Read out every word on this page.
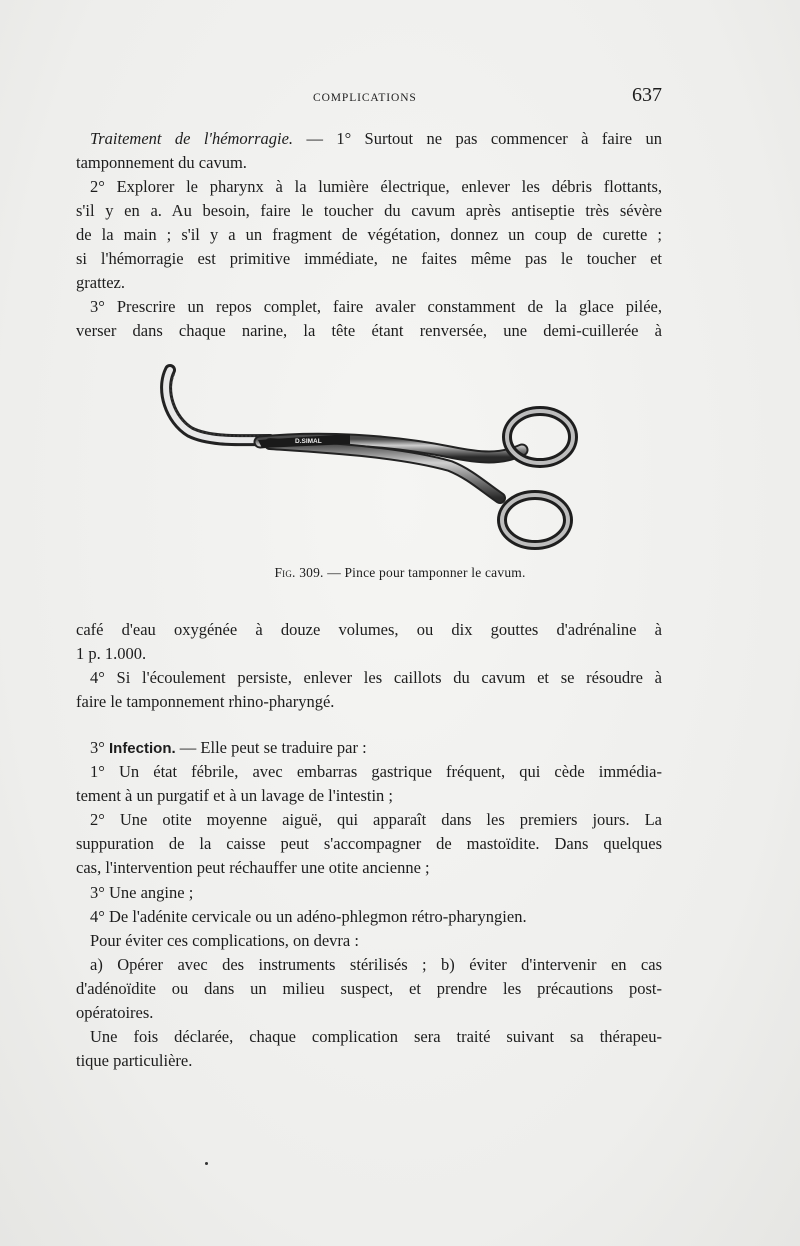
COMPLICATIONS	637
Traitement de l'hémorragie. — 1° Surtout ne pas commencer à faire un
tamponnement du cavum.
2° Explorer le pharynx à la lumière électrique, enlever les débris flottants,
s'il y en a. Au besoin, faire le toucher du cavum après antiseptie très sévère
de la main ; s'il y a un fragment de végétation, donnez un coup de curette ;
si l'hémorragie est primitive immédiate, ne faites même pas le toucher et
grattez.
3° Prescrire un repos complet, faire avaler constamment de la glace pilée,
verser dans chaque narine, la tête étant renversée, une demi-cuillerée à
D.SIMAL
Fig. 309. — Pince pour tamponner le cavum.
café d'eau oxygénée à douze volumes, ou dix gouttes d'adrénaline à
1 p. 1.000.
4° Si l'écoulement persiste, enlever les caillots du cavum et se résoudre à
faire le tamponnement rhino-pharyngé.
3° Infection. — Elle peut se traduire par :
1° Un état fébrile, avec embarras gastrique fréquent, qui cède immédia-
tement à un purgatif et à un lavage de l'intestin ;
2° Une otite moyenne aiguë, qui apparaît dans les premiers jours. La
suppuration de la caisse peut s'accompagner de mastoïdite. Dans quelques
cas, l'intervention peut réchauffer une otite ancienne ;
3° Une angine ;
4° De l'adénite cervicale ou un adéno-phlegmon rétro-pharyngien.
Pour éviter ces complications, on devra :
a) Opérer avec des instruments stérilisés ; b) éviter d'intervenir en cas
d'adénoïdite ou dans un milieu suspect, et prendre les précautions post-
opératoires.
Une fois déclarée, chaque complication sera traité suivant sa thérapeu-
tique particulière.
